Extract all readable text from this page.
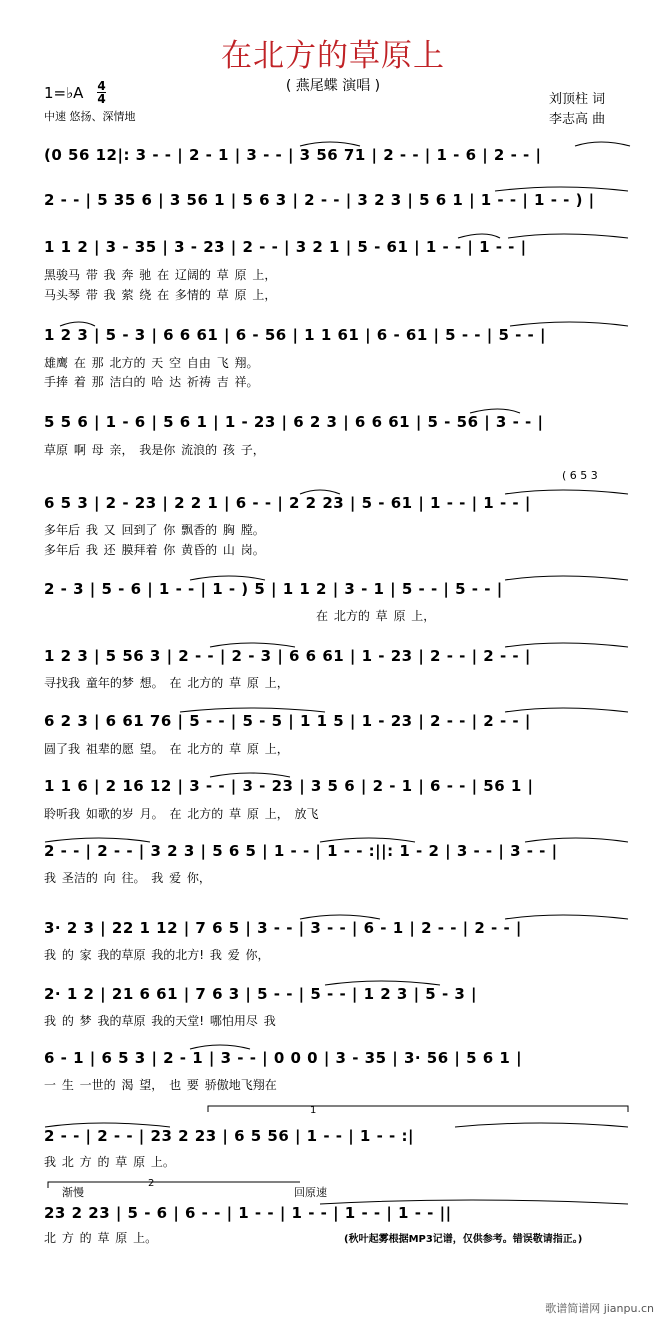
在北方的草原上
( 燕尾蝶 演唱 )
1=♭A 4
4
中速 悠扬、深情地
刘顶柱 词
李志高 曲
(0 56 12|: 3 - - | 2 - 1 | 3 - - | 3 56 71 | 2 - - | 1 - 6 | 2 - - |
2 - - | 5 35 6 | 3 56 1 | 5 6 3 | 2 - - | 3 2 3 | 5 6 1 | 1 - - | 1 - - ) |
1 1 2 | 3 - 35 | 3 - 23 | 2 - - | 3 2 1 | 5 - 61 | 1 - - | 1 - - |
黑骏马 带 我 奔 驰 在 辽阔的 草 原 上，
马头琴 带 我 萦 绕 在 多情的 草 原 上，
1 2 3 | 5 - 3 | 6 6 61 | 6 - 56 | 1 1 61 | 6 - 61 | 5 - - | 5 - - |
雄鹰 在 那 北方的 天 空 自由 飞 翔。
手捧 着 那 洁白的 哈 达 祈祷 吉 祥。
5 5 6 | 1 - 6 | 5 6 1 | 1 - 23 | 6 2 3 | 6 6 61 | 5 - 56 | 3 - - |
草原 啊 母 亲， 我是你 流浪的 孩 子，
( 6 5 3
6 5 3 | 2 - 23 | 2 2 1 | 6 - - | 2 2 23 | 5 - 61 | 1 - - | 1 - - |
多年后 我 又 回到了 你 飘香的 胸 膛。
多年后 我 还 膜拜着 你 黄昏的 山 岗。
2 - 3 | 5 - 6 | 1 - - | 1 - ) 5 | 1 1 2 | 3 - 1 | 5 - - | 5 - - |
在 北方的 草 原 上，
1 2 3 | 5 56 3 | 2 - - | 2 - 3 | 6 6 61 | 1 - 23 | 2 - - | 2 - - |
寻找我 童年的梦 想。 在 北方的 草 原 上，
6 2 3 | 6 61 76 | 5 - - | 5 - 5 | 1 1 5 | 1 - 23 | 2 - - | 2 - - |
圆了我 祖辈的愿 望。 在 北方的 草 原 上，
1 1 6 | 2 16 12 | 3 - - | 3 - 23 | 3 5 6 | 2 - 1 | 6 - - | 56 1 |
聆听我 如歌的岁 月。 在 北方的 草 原 上， 放飞
2 - - | 2 - - | 3 2 3 | 5 6 5 | 1 - - | 1 - - :||: 1 - 2 | 3 - - | 3 - - |
我 圣洁的 向 往。 我 爱 你，
3· 2 3 | 22 1 12 | 7 6 5 | 3 - - | 3 - - | 6 - 1 | 2 - - | 2 - - |
我 的 家 我的草原 我的北方! 我 爱 你，
2· 1 2 | 21 6 61 | 7 6 3 | 5 - - | 5 - - | 1 2 3 | 5 - 3 |
我 的 梦 我的草原 我的天堂! 哪怕用尽 我
6 - 1 | 6 5 3 | 2 - 1 | 3 - - | 0 0 0 | 3 - 35 | 3· 56 | 5 6 1 |
一 生 一世的 渴 望， 也 要 骄傲地飞翔在
1
2 - - | 2 - - | 23 2 23 | 6 5 56 | 1 - - | 1 - - :|
我 北 方 的 草 原 上。
渐慢
2
回原速
23 2 23 | 5 - 6 | 6 - - | 1 - - | 1 - - | 1 - - | 1 - - ||
北 方 的 草 原 上。	(秋叶起雾根据MP3记谱，仅供参考。错误敬请指正。)
歌谱简谱网 jianpu.cn
